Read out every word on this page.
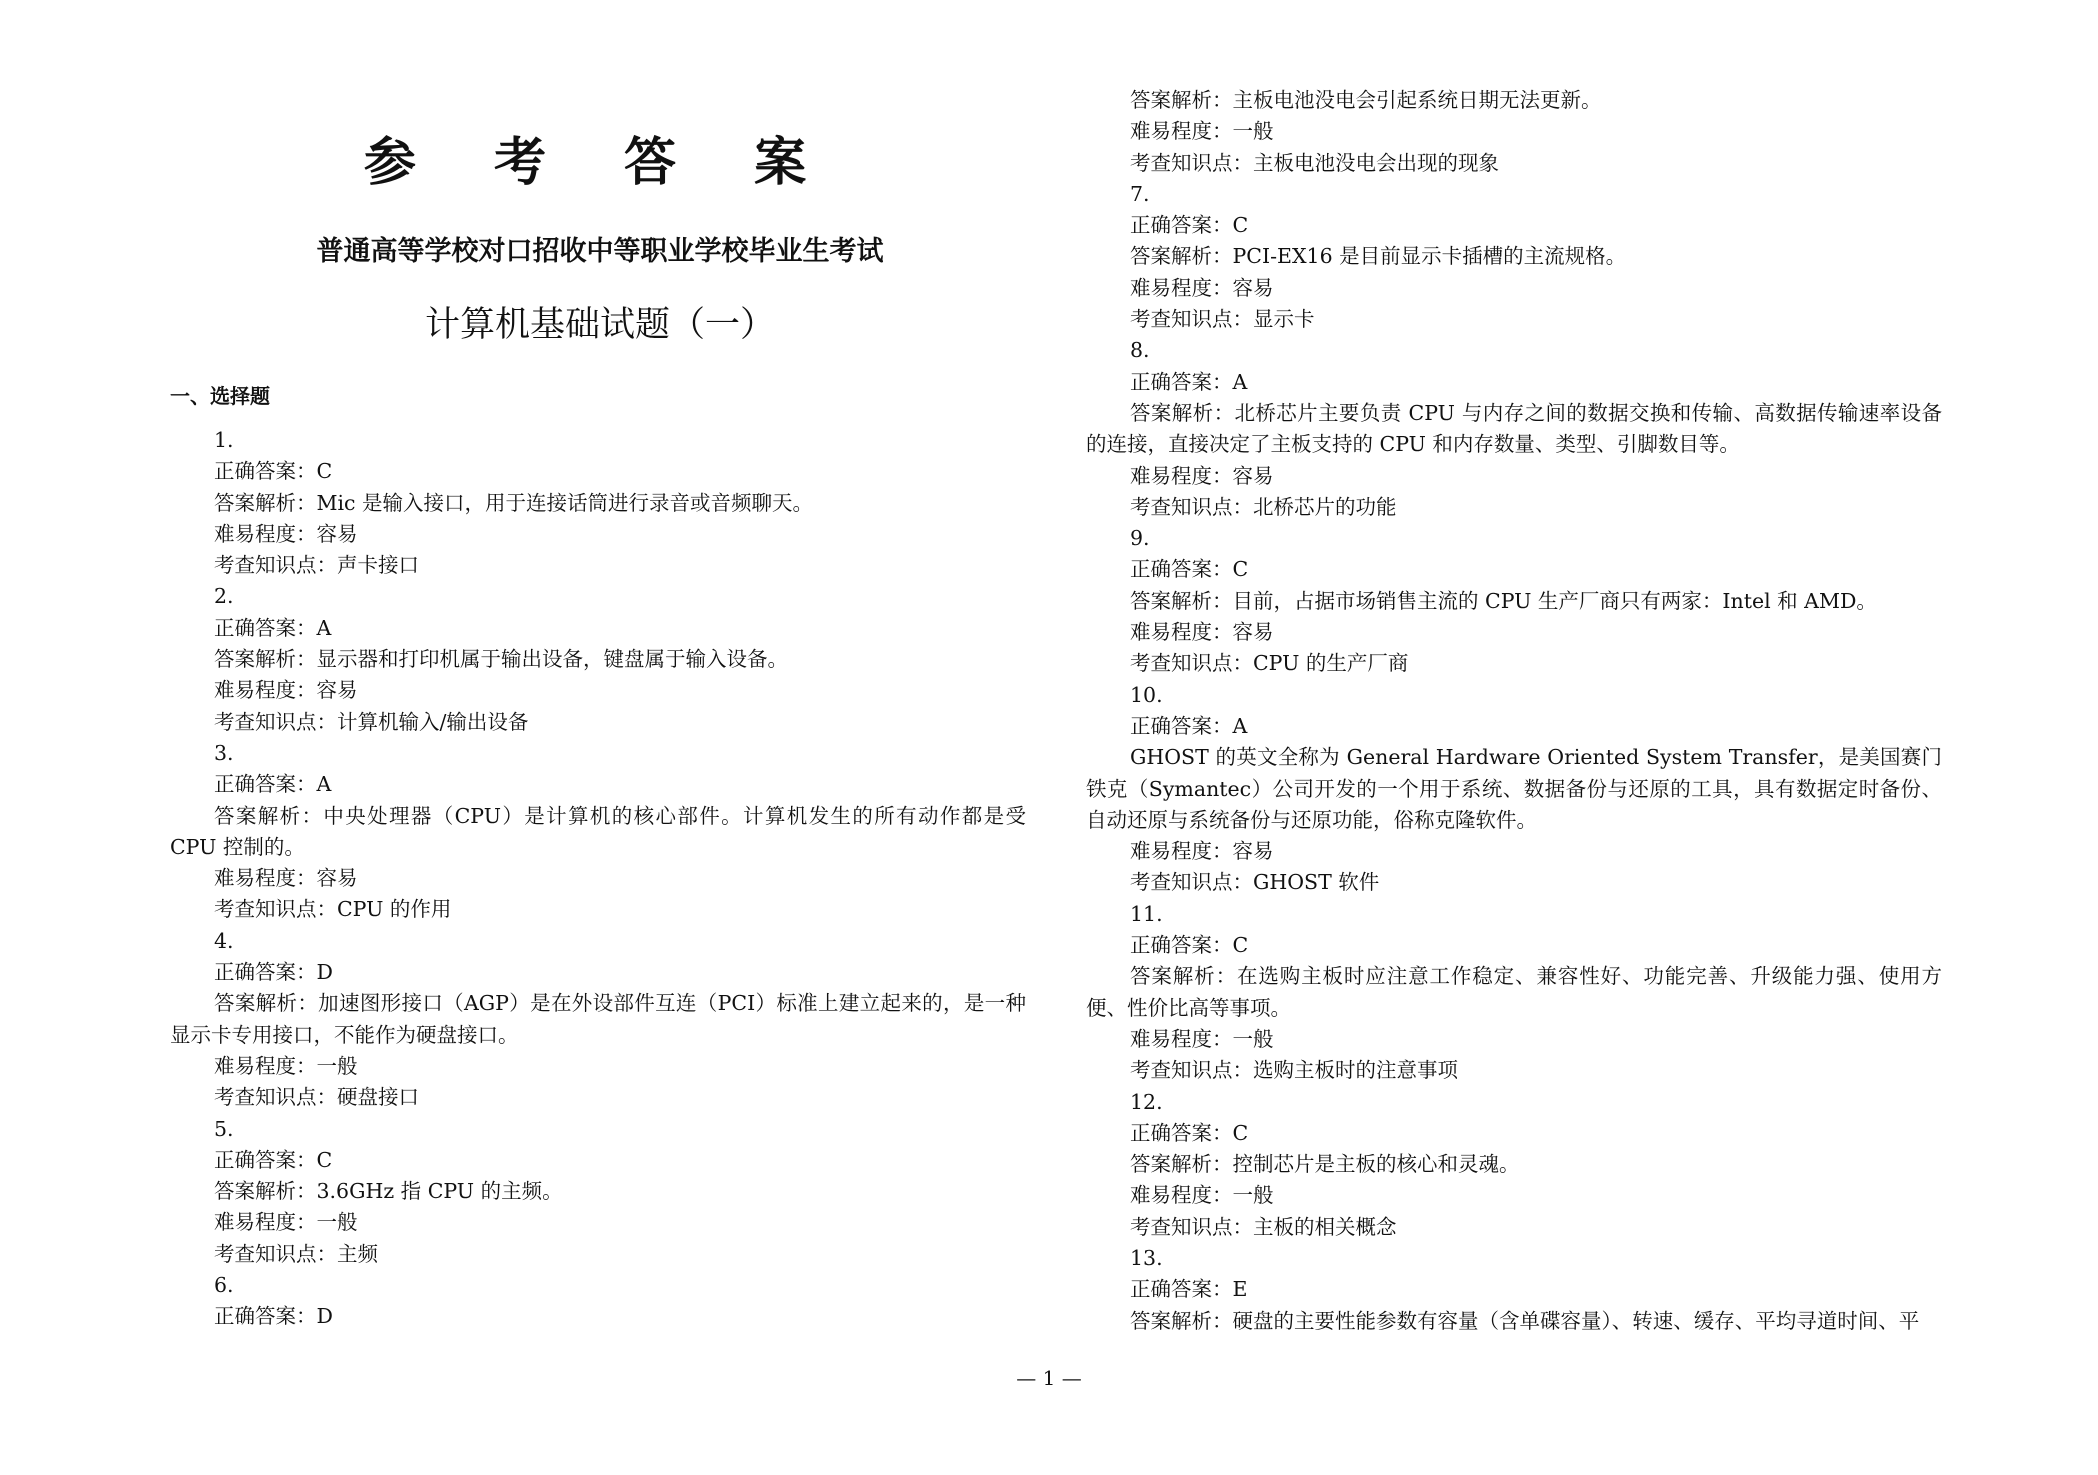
参 考 答 案
普通高等学校对口招收中等职业学校毕业生考试
计算机基础试题（一）
一、选择题
1.
正确答案：C
答案解析：Mic 是输入接口，用于连接话筒进行录音或音频聊天。
难易程度：容易
考查知识点：声卡接口
2.
正确答案：A
答案解析：显示器和打印机属于输出设备，键盘属于输入设备。
难易程度：容易
考查知识点：计算机输入/输出设备
3.
正确答案：A
答案解析：中央处理器（CPU）是计算机的核心部件。计算机发生的所有动作都是受 CPU 控制的。
难易程度：容易
考查知识点：CPU 的作用
4.
正确答案：D
答案解析：加速图形接口（AGP）是在外设部件互连（PCI）标准上建立起来的，是一种显示卡专用接口，不能作为硬盘接口。
难易程度：一般
考查知识点：硬盘接口
5.
正确答案：C
答案解析：3.6GHz 指 CPU 的主频。
难易程度：一般
考查知识点：主频
6.
正确答案：D
答案解析：主板电池没电会引起系统日期无法更新。
难易程度：一般
考查知识点：主板电池没电会出现的现象
7.
正确答案：C
答案解析：PCI-EX16 是目前显示卡插槽的主流规格。
难易程度：容易
考查知识点：显示卡
8.
正确答案：A
答案解析：北桥芯片主要负责 CPU 与内存之间的数据交换和传输、高数据传输速率设备的连接，直接决定了主板支持的 CPU 和内存数量、类型、引脚数目等。
难易程度：容易
考查知识点：北桥芯片的功能
9.
正确答案：C
答案解析：目前，占据市场销售主流的 CPU 生产厂商只有两家：Intel 和 AMD。
难易程度：容易
考查知识点：CPU 的生产厂商
10.
正确答案：A
GHOST 的英文全称为 General Hardware Oriented System Transfer，是美国赛门铁克（Symantec）公司开发的一个用于系统、数据备份与还原的工具，具有数据定时备份、自动还原与系统备份与还原功能，俗称克隆软件。
难易程度：容易
考查知识点：GHOST 软件
11.
正确答案：C
答案解析：在选购主板时应注意工作稳定、兼容性好、功能完善、升级能力强、使用方便、性价比高等事项。
难易程度：一般
考查知识点：选购主板时的注意事项
12.
正确答案：C
答案解析：控制芯片是主板的核心和灵魂。
难易程度：一般
考查知识点：主板的相关概念
13.
正确答案：E
答案解析：硬盘的主要性能参数有容量（含单碟容量）、转速、缓存、平均寻道时间、平
— 1 —
